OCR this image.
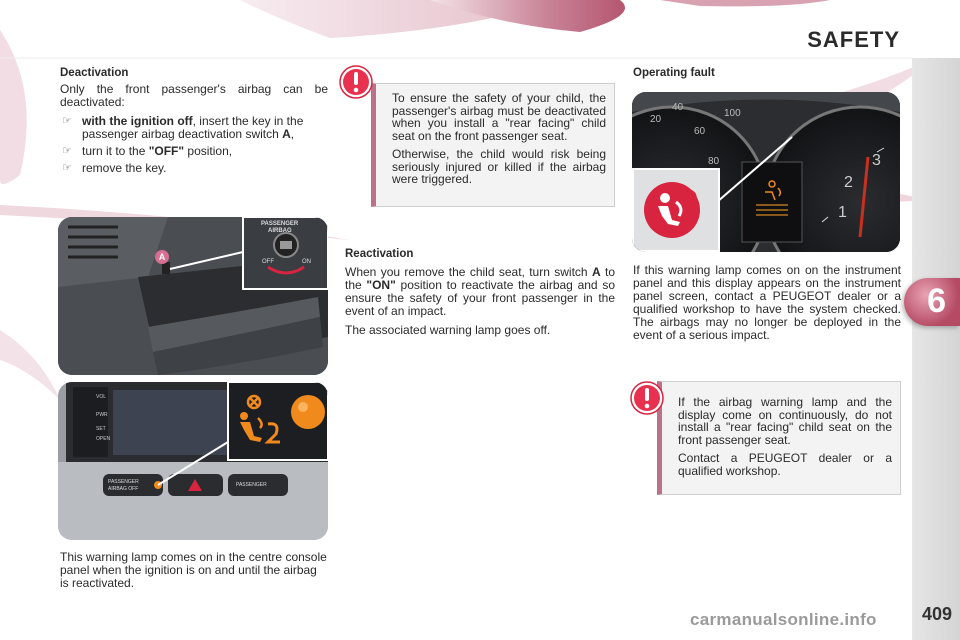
6
SAFETY
Deactivation

Only the front passenger's airbag can be deactivated:

☞ with the ignition off, insert the key in the passenger airbag deactivation switch A,
☞ turn it to the "OFF" position,
☞ remove the key.

To ensure the safety of your child, the passenger's airbag must be deactivated when you install a "rear facing" child seat on the front passenger seat.

Otherwise, the child would risk being seriously injured or killed if the airbag were triggered.

PASSENGER
AIRBAG
OFF	ON
A
VOL
PWR
SET
OPEN
PASSENGER
AIRBAG OFF
PASSENGER

This warning lamp comes on in the centre console panel when the ignition is on and until the airbag is reactivated.

Reactivation

When you remove the child seat, turn switch A to the "ON" position to reactivate the airbag and so ensure the safety of your front passenger in the event of an impact.

The associated warning lamp goes off.

Operating fault
20
40
60
80
100
3
2
1

If this warning lamp comes on on the instrument panel and this display appears on the instrument panel screen, contact a PEUGEOT dealer or a qualified workshop to have the system checked. The airbags may no longer be deployed in the event of a serious impact.

If the airbag warning lamp and the display come on continuously, do not install a "rear facing" child seat on the front passenger seat.

Contact a PEUGEOT dealer or a qualified workshop.

409
carmanualsonline.info
